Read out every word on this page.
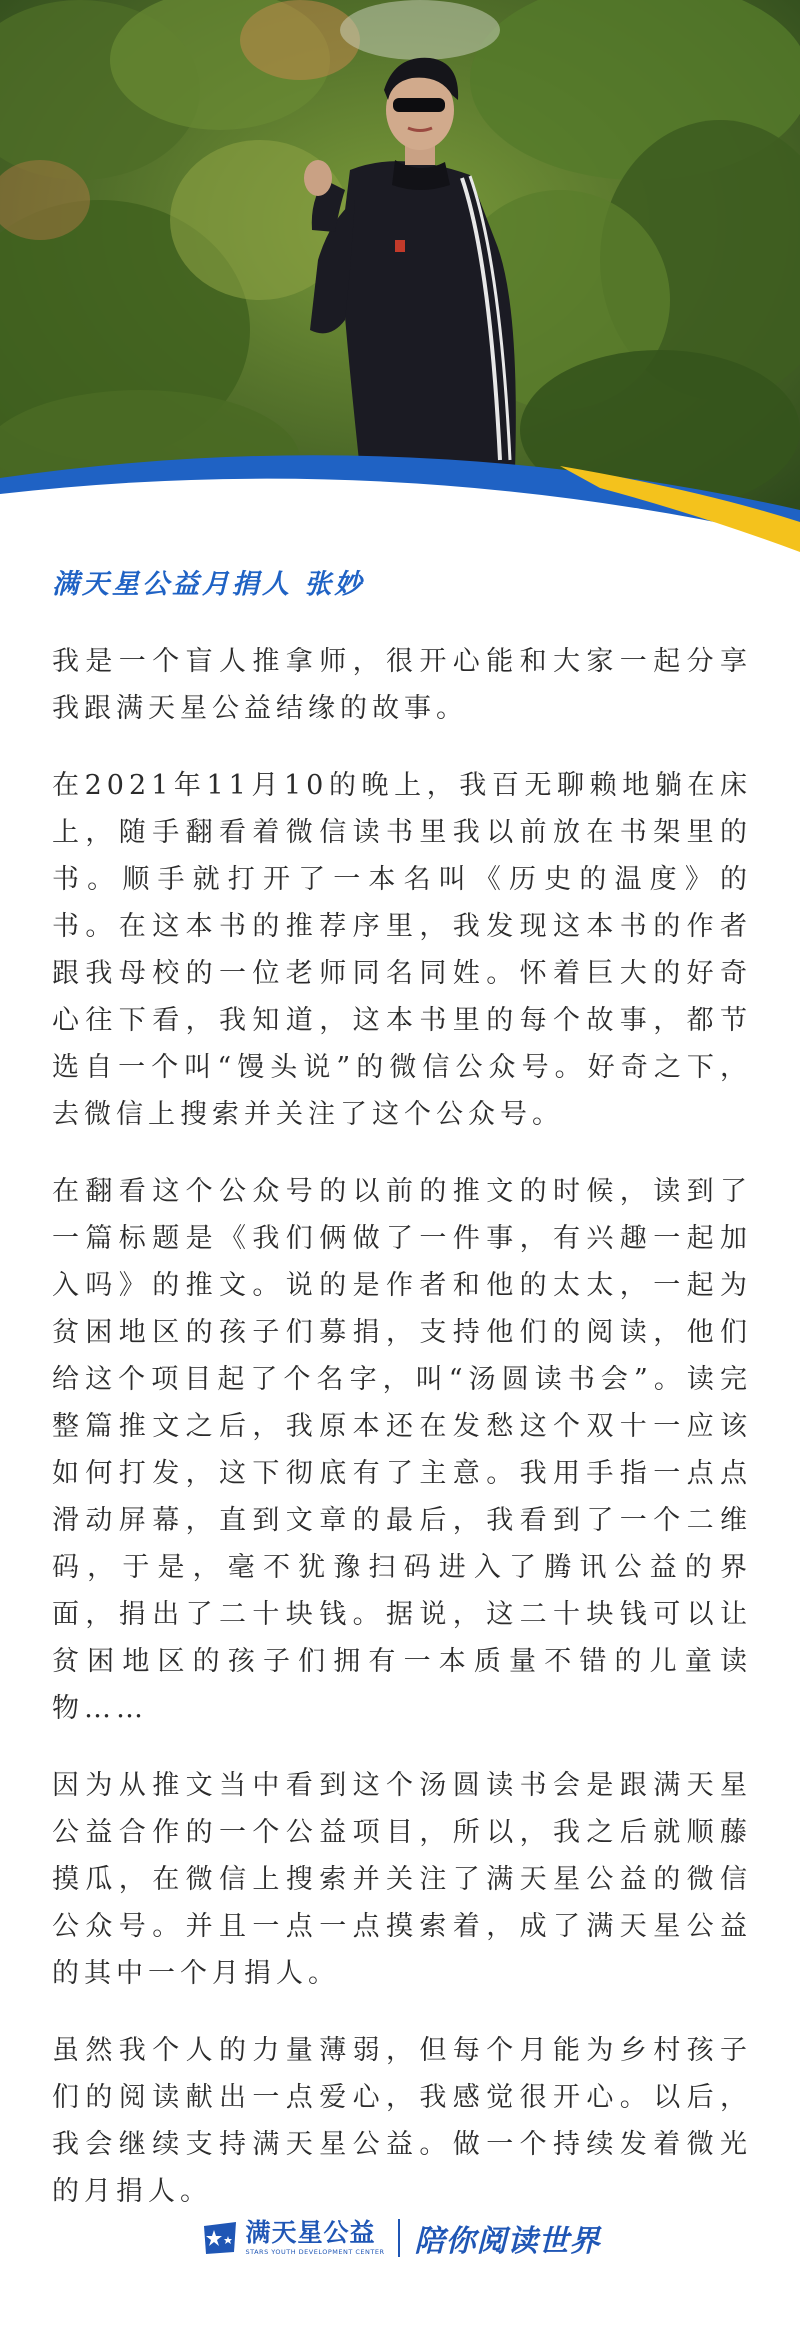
满天星公益月捐人 张妙

我是一个盲人推拿师，很开心能和大家一起分享我跟满天星公益结缘的故事。

在2021年11月10的晚上，我百无聊赖地躺在床上，随手翻看着微信读书里我以前放在书架里的书。顺手就打开了一本名叫《历史的温度》的书。在这本书的推荐序里，我发现这本书的作者跟我母校的一位老师同名同姓。怀着巨大的好奇心往下看，我知道，这本书里的每个故事，都节选自一个叫“馒头说”的微信公众号。好奇之下，去微信上搜索并关注了这个公众号。

在翻看这个公众号的以前的推文的时候，读到了一篇标题是《我们俩做了一件事，有兴趣一起加入吗》的推文。说的是作者和他的太太，一起为贫困地区的孩子们募捐，支持他们的阅读，他们给这个项目起了个名字，叫“汤圆读书会”。读完整篇推文之后，我原本还在发愁这个双十一应该如何打发，这下彻底有了主意。我用手指一点点滑动屏幕，直到文章的最后，我看到了一个二维码，于是，毫不犹豫扫码进入了腾讯公益的界面，捐出了二十块钱。据说，这二十块钱可以让贫困地区的孩子们拥有一本质量不错的儿童读物……

因为从推文当中看到这个汤圆读书会是跟满天星公益合作的一个公益项目，所以，我之后就顺藤摸瓜，在微信上搜索并关注了满天星公益的微信公众号。并且一点一点摸索着，成了满天星公益的其中一个月捐人。

虽然我个人的力量薄弱，但每个月能为乡村孩子们的阅读献出一点爱心，我感觉很开心。以后，我会继续支持满天星公益。做一个持续发着微光的月捐人。

满天星公益
STARS YOUTH DEVELOPMENT CENTER 陪你阅读世界
